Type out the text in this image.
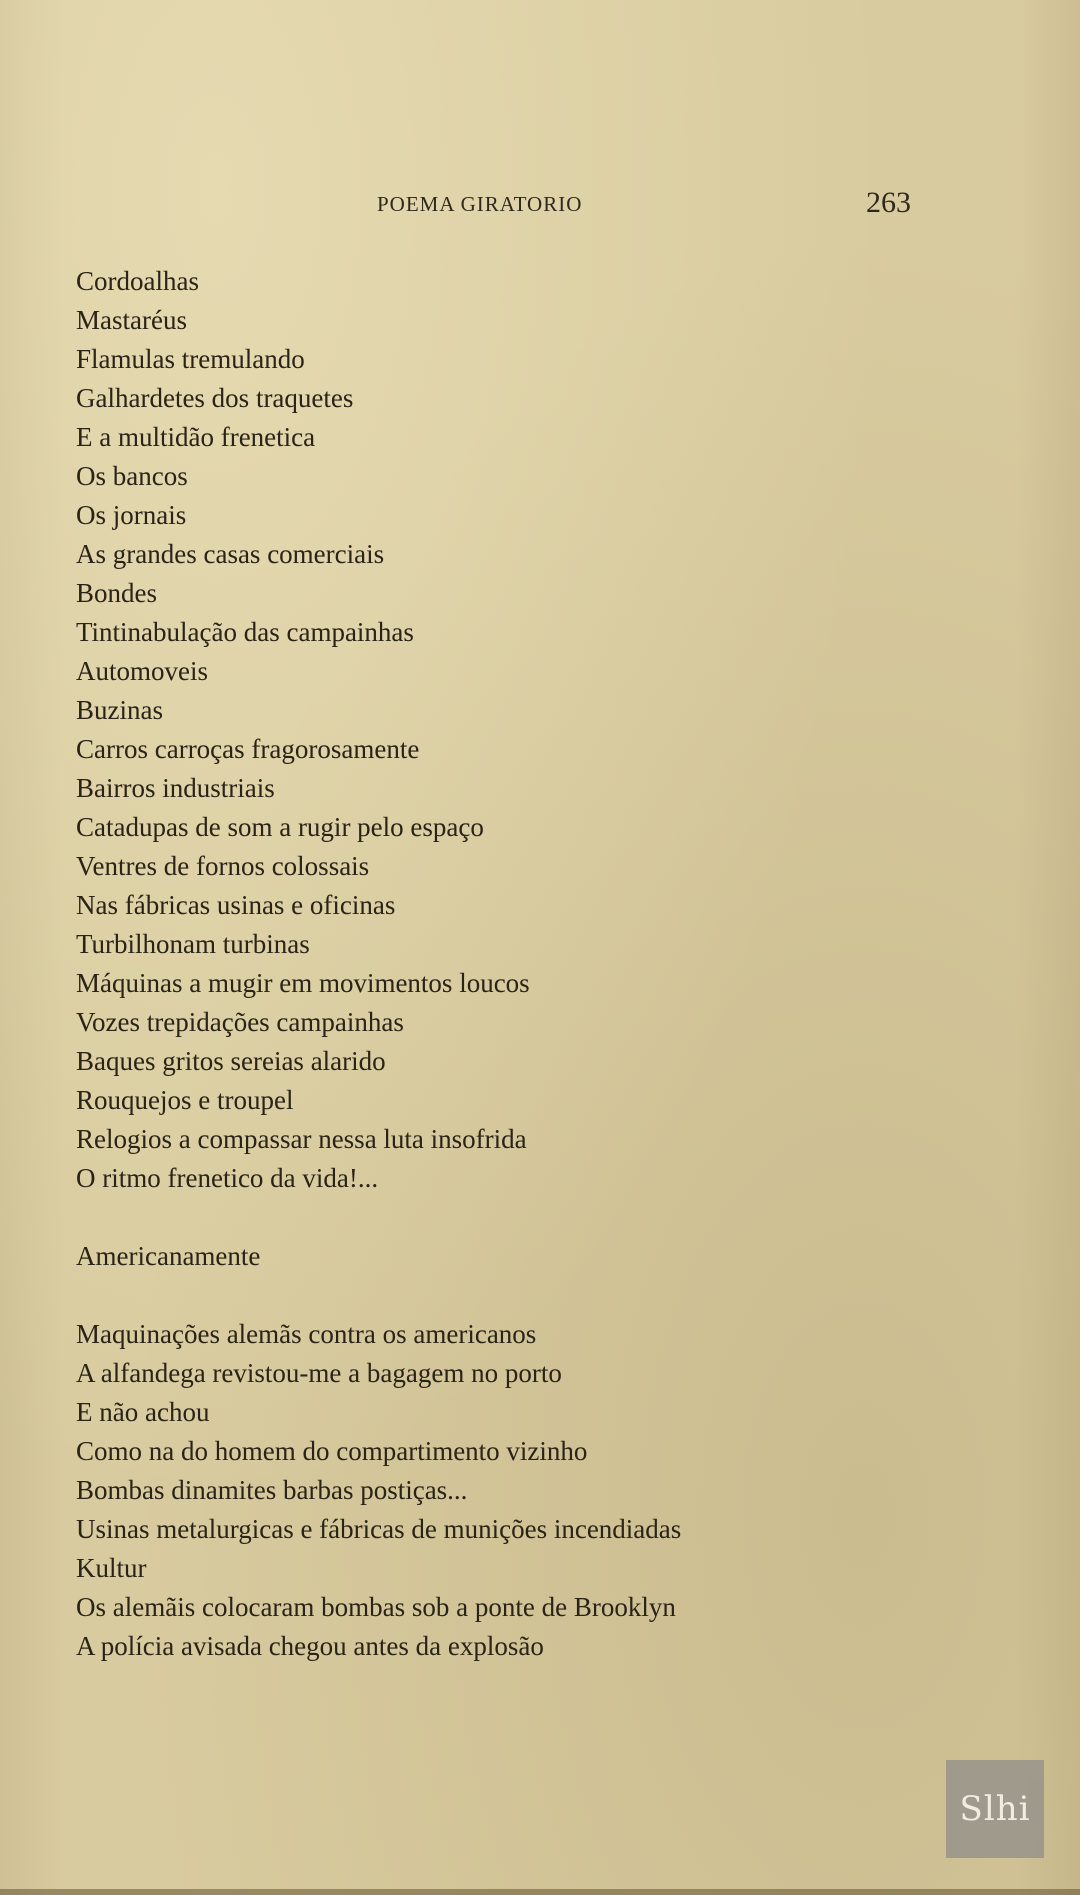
POEMA GIRATORIO	263
Cordoalhas
Mastaréus
Flamulas tremulando
Galhardetes dos traquetes
E a multidão frenetica
Os bancos
Os jornais
As grandes casas comerciais
Bondes
Tintinabulação das campainhas
Automoveis
Buzinas
Carros carroças fragorosamente
Bairros industriais
Catadupas de som a rugir pelo espaço
Ventres de fornos colossais
Nas fábricas usinas e oficinas
Turbilhonam turbinas
Máquinas a mugir em movimentos loucos
Vozes trepidações campainhas
Baques gritos sereias alarido
Rouquejos e troupel
Relogios a compassar nessa luta insofrida
O ritmo frenetico da vida!...
Americanamente
Maquinações alemãs contra os americanos
A alfandega revistou-me a bagagem no porto
E não achou
Como na do homem do compartimento vizinho
Bombas dinamites barbas postiças...
Usinas metalurgicas e fábricas de munições incendiadas
Kultur
Os alemãis colocaram bombas sob a ponte de Brooklyn
A polícia avisada chegou antes da explosão
Slhi
